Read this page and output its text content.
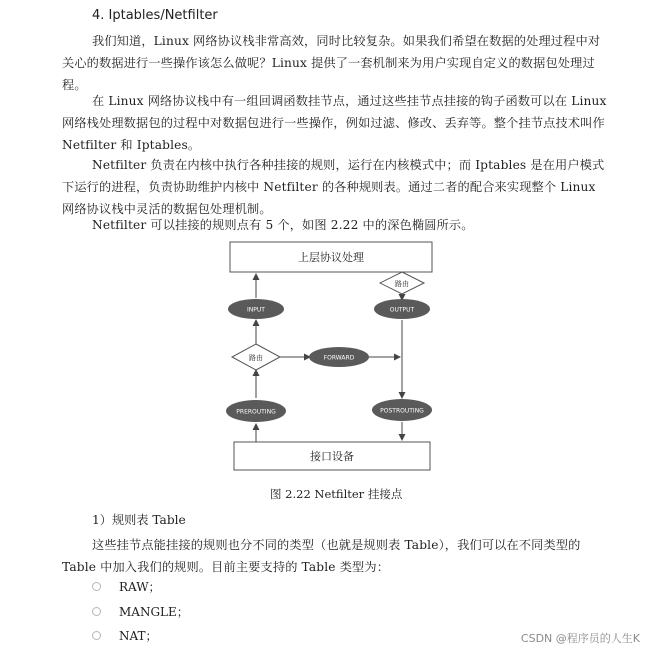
4. Iptables/Netfilter
我们知道，Linux 网络协议栈非常高效，同时比较复杂。如果我们希望在数据的处理过程中对关心的数据进行一些操作该怎么做呢？Linux 提供了一套机制来为用户实现自定义的数据包处理过程。
在 Linux 网络协议栈中有一组回调函数挂节点，通过这些挂节点挂接的钩子函数可以在 Linux 网络栈处理数据包的过程中对数据包进行一些操作，例如过滤、修改、丢弃等。整个挂节点技术叫作 Netfilter 和 Iptables。
Netfilter 负责在内核中执行各种挂接的规则，运行在内核模式中；而 Iptables 是在用户模式下运行的进程，负责协助维护内核中 Netfilter 的各种规则表。通过二者的配合来实现整个 Linux 网络协议栈中灵活的数据包处理机制。
Netfilter 可以挂接的规则点有 5 个，如图 2.22 中的深色椭圆所示。
上层协议处理
接口设备
路由
路由
INPUT	OUTPUT
FORWARD
PREROUTING	POSTROUTING
图 2.22 Netfilter 挂接点
1）规则表 Table
这些挂节点能挂接的规则也分不同的类型（也就是规则表 Table），我们可以在不同类型的 Table 中加入我们的规则。目前主要支持的 Table 类型为：
RAW；
MANGLE；
NAT；	CSDN @程序员的人生K
